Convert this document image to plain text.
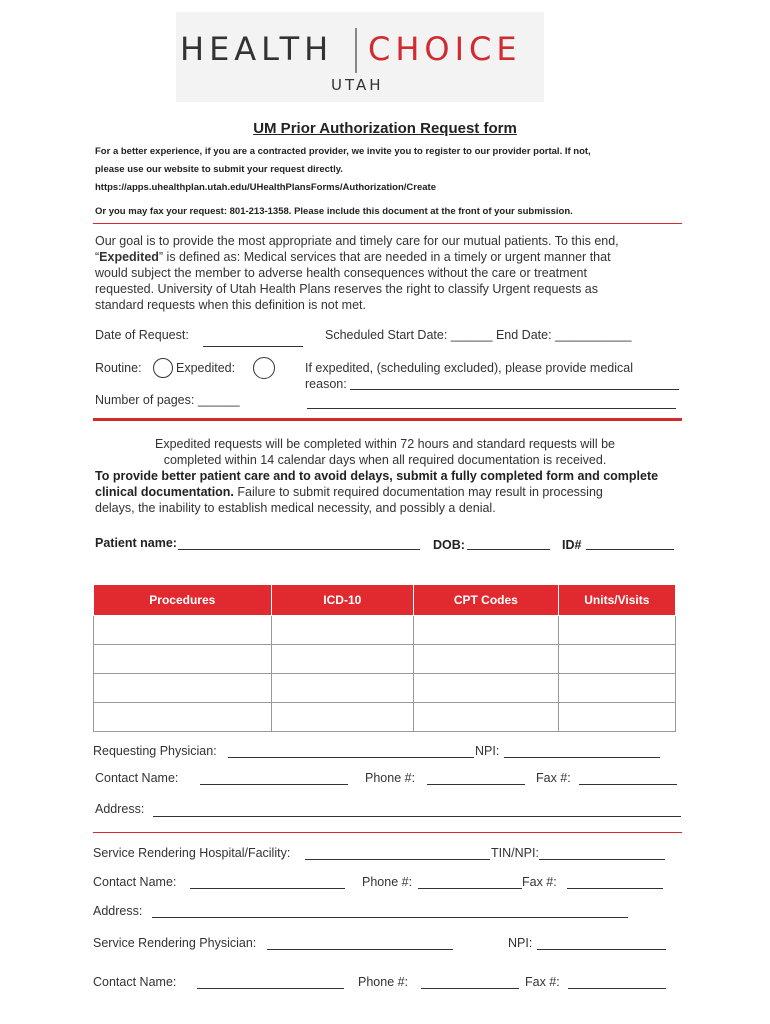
HEALTH CHOICE
UTAH
UM Prior Authorization Request form
For a better experience, if you are a contracted provider, we invite you to register to our provider portal. If not,
please use our website to submit your request directly.
https://apps.uhealthplan.utah.edu/UHealthPlansForms/Authorization/Create
Or you may fax your request: 801-213-1358. Please include this document at the front of your submission.
Our goal is to provide the most appropriate and timely care for our mutual patients. To this end,
“Expedited” is defined as: Medical services that are needed in a timely or urgent manner that
would subject the member to adverse health consequences without the care or treatment
requested. University of Utah Health Plans reserves the right to classify Urgent requests as
standard requests when this definition is not met.
Date of Request:	Scheduled Start Date: ______ End Date: ___________
Routine:	Expedited:	If expedited, (scheduling excluded), please provide medical
reason:
Number of pages: ______
Expedited requests will be completed within 72 hours and standard requests will be
completed within 14 calendar days when all required documentation is received.
To provide better patient care and to avoid delays, submit a fully completed form and complete
clinical documentation. Failure to submit required documentation may result in processing
delays, the inability to establish medical necessity, and possibly a denial.
Patient name:	DOB:	ID#
Procedures	ICD-10	CPT Codes	Units/Visits

Requesting Physician:	NPI:
Contact Name:	Phone #:	Fax #:
Address:
Service Rendering Hospital/Facility:	TIN/NPI:
Contact Name:	Phone #:	Fax #:
Address:
Service Rendering Physician:	NPI:
Contact Name:	Phone #:	Fax #:
